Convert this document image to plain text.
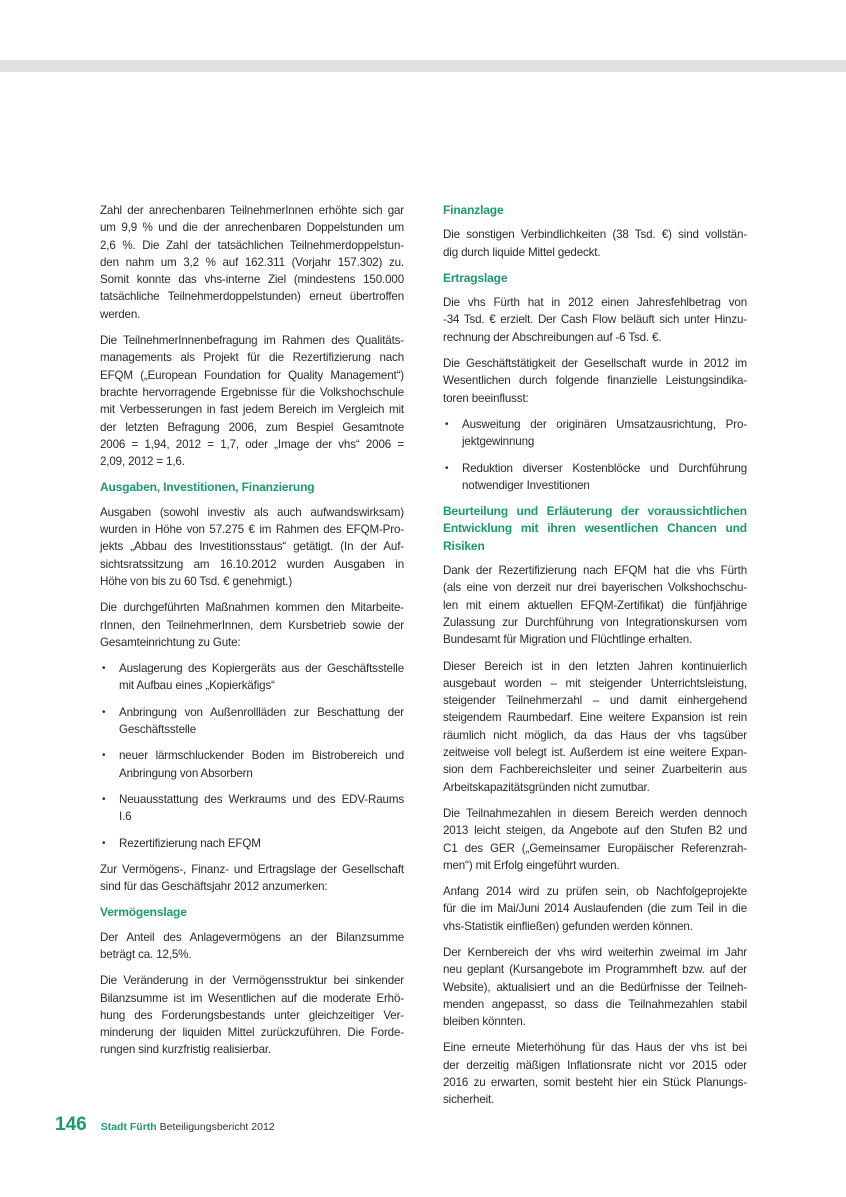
Zahl der anrechenbaren TeilnehmerInnen erhöhte sich gar
um 9,9 % und die der anrechenbaren Doppelstunden um
2,6 %. Die Zahl der tatsächlichen Teilnehmerdoppelstun-
den nahm um 3,2 % auf 162.311 (Vorjahr 157.302) zu.
Somit konnte das vhs-interne Ziel (mindestens 150.000
tatsächliche Teilnehmerdoppelstunden) erneut übertroffen
werden.
Die TeilnehmerInnenbefragung im Rahmen des Qualitäts-
managements als Projekt für die Rezertifizierung nach
EFQM („European Foundation for Quality Management“)
brachte hervorragende Ergebnisse für die Volkshochschule
mit Verbesserungen in fast jedem Bereich im Vergleich mit
der letzten Befragung 2006, zum Bespiel Gesamtnote
2006 = 1,94, 2012 = 1,7, oder „Image der vhs“ 2006 =
2,09, 2012 = 1,6.
Ausgaben, Investitionen, Finanzierung
Ausgaben (sowohl investiv als auch aufwandswirksam)
wurden in Höhe von 57.275 € im Rahmen des EFQM-Pro-
jekts „Abbau des Investitionsstaus“ getätigt. (In der Auf-
sichtsratssitzung am 16.10.2012 wurden Ausgaben in
Höhe von bis zu 60 Tsd. € genehmigt.)
Die durchgeführten Maßnahmen kommen den Mitarbeite-
rInnen, den TeilnehmerInnen, dem Kursbetrieb sowie der
Gesamteinrichtung zu Gute:
• Auslagerung des Kopiergeräts aus der Geschäftsstelle
mit Aufbau eines „Kopierkäfigs“
• Anbringung von Außenrollläden zur Beschattung der
Geschäftsstelle
• neuer lärmschluckender Boden im Bistrobereich und
Anbringung von Absorbern
• Neuausstattung des Werkraums und des EDV-Raums
I.6
• Rezertifizierung nach EFQM
Zur Vermögens-, Finanz- und Ertragslage der Gesellschaft
sind für das Geschäftsjahr 2012 anzumerken:
Vermögenslage
Der Anteil des Anlagevermögens an der Bilanzsumme
beträgt ca. 12,5%.
Die Veränderung in der Vermögensstruktur bei sinkender
Bilanzsumme ist im Wesentlichen auf die moderate Erhö-
hung des Forderungsbestands unter gleichzeitiger Ver-
minderung der liquiden Mittel zurückzuführen. Die Forde-
rungen sind kurzfristig realisierbar.
Finanzlage
Die sonstigen Verbindlichkeiten (38 Tsd. €) sind vollstän-
dig durch liquide Mittel gedeckt.
Ertragslage
Die vhs Fürth hat in 2012 einen Jahresfehlbetrag von
-34 Tsd. € erzielt. Der Cash Flow beläuft sich unter Hinzu-
rechnung der Abschreibungen auf -6 Tsd. €.
Die Geschäftstätigkeit der Gesellschaft wurde in 2012 im
Wesentlichen durch folgende finanzielle Leistungsindika-
toren beeinflusst:
• Ausweitung der originären Umsatzausrichtung, Pro-
jektgewinnung
• Reduktion diverser Kostenblöcke und Durchführung
notwendiger Investitionen
Beurteilung und Erläuterung der voraussichtlichen
Entwicklung mit ihren wesentlichen Chancen und
Risiken
Dank der Rezertifizierung nach EFQM hat die vhs Fürth
(als eine von derzeit nur drei bayerischen Volkshochschu-
len mit einem aktuellen EFQM-Zertifikat) die fünfjährige
Zulassung zur Durchführung von Integrationskursen vom
Bundesamt für Migration und Flüchtlinge erhalten.
Dieser Bereich ist in den letzten Jahren kontinuierlich
ausgebaut worden – mit steigender Unterrichtsleistung,
steigender Teilnehmerzahl – und damit einhergehend
steigendem Raumbedarf. Eine weitere Expansion ist rein
räumlich nicht möglich, da das Haus der vhs tagsüber
zeitweise voll belegt ist. Außerdem ist eine weitere Expan-
sion dem Fachbereichsleiter und seiner Zuarbeiterin aus
Arbeitskapazitätsgründen nicht zumutbar.
Die Teilnahmezahlen in diesem Bereich werden dennoch
2013 leicht steigen, da Angebote auf den Stufen B2 und
C1 des GER („Gemeinsamer Europäischer Referenzrah-
men“) mit Erfolg eingeführt wurden.
Anfang 2014 wird zu prüfen sein, ob Nachfolgeprojekte
für die im Mai/Juni 2014 Auslaufenden (die zum Teil in die
vhs-Statistik einfließen) gefunden werden können.
Der Kernbereich der vhs wird weiterhin zweimal im Jahr
neu geplant (Kursangebote im Programmheft bzw. auf der
Website), aktualisiert und an die Bedürfnisse der Teilneh-
menden angepasst, so dass die Teilnahmezahlen stabil
bleiben könnten.
Eine erneute Mieterhöhung für das Haus der vhs ist bei
der derzeitig mäßigen Inflationsrate nicht vor 2015 oder
2016 zu erwarten, somit besteht hier ein Stück Planungs-
sicherheit.
146 Stadt Fürth Beteiligungsbericht 2012
